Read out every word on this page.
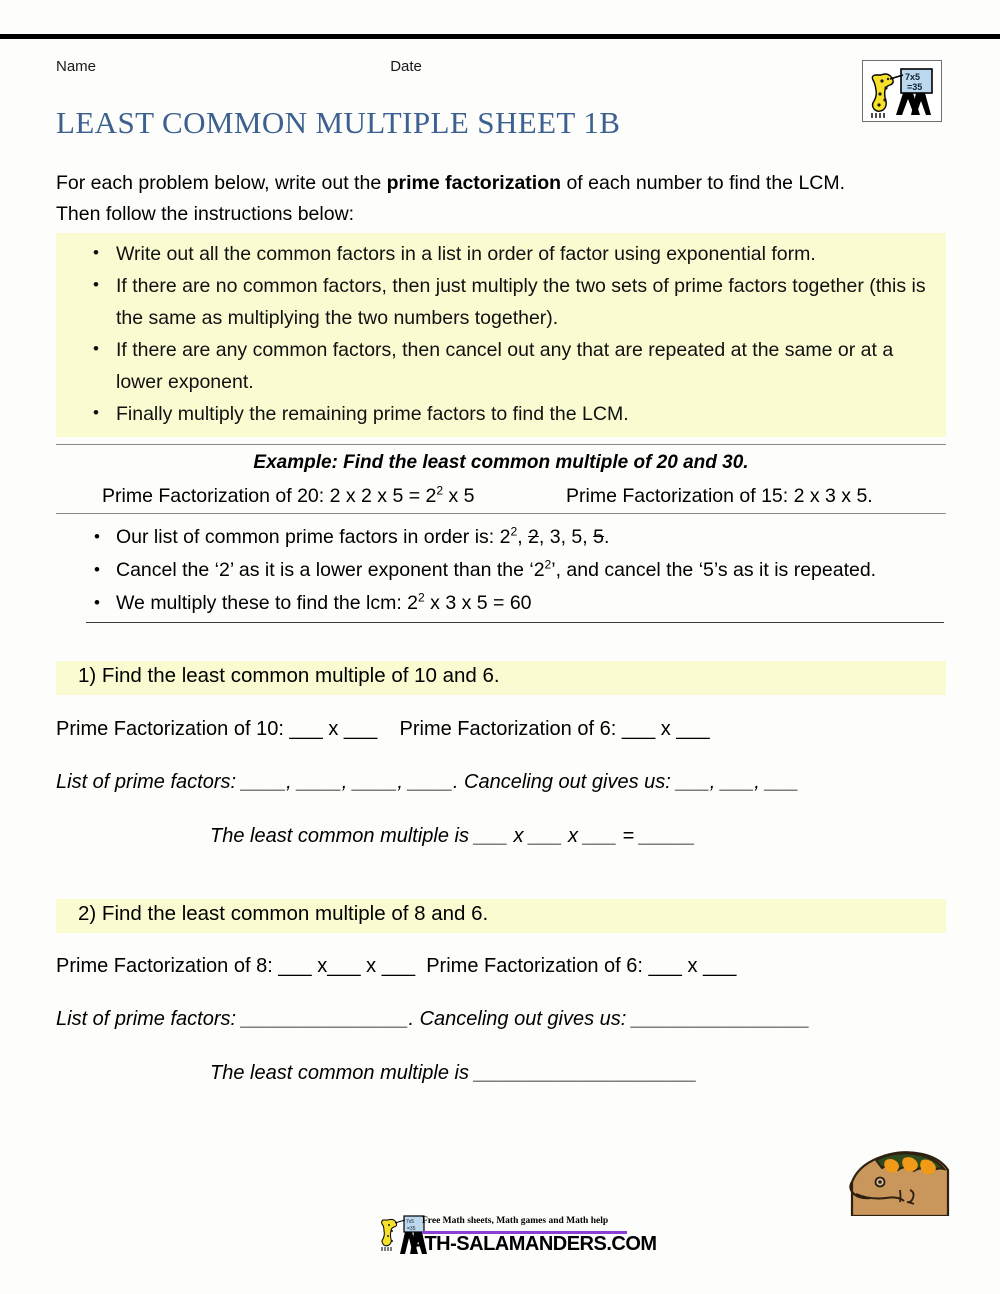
Name	Date
7x5
=35
LEAST COMMON MULTIPLE SHEET 1B
For each problem below, write out the prime factorization of each number to find the LCM.
Then follow the instructions below:
• Write out all the common factors in a list in order of factor using exponential form.
• If there are no common factors, then just multiply the two sets of prime factors together (this is the same as multiplying the two numbers together).
• If there are any common factors, then cancel out any that are repeated at the same or at a lower exponent.
• Finally multiply the remaining prime factors to find the LCM.
Example: Find the least common multiple of 20 and 30.
Prime Factorization of 20: 2 x 2 x $5 = 2^2$ x 5	Prime Factorization of 15: 2 x 3 x 5.
• Our list of common prime factors in order is: $2^2$, 2, 3, 5, 5.
• Cancel the ‘2’ as it is a lower exponent than the ‘$2^2$’, and cancel the ‘5’s as it is repeated.
• We multiply these to find the lcm: $2^2$ x 3 x 5 = 60
1) Find the least common multiple of 10 and 6.
Prime Factorization of 10: ___ x ___ Prime Factorization of 6: ___ x ___
List of prime factors: ____, ____, ____, ____. Canceling out gives us: ___, ___, ___
The least common multiple is ___ x ___ x ___ = _____
2) Find the least common multiple of 8 and 6.
Prime Factorization of 8: ___ x___ x ___ Prime Factorization of 6: ___ x ___
List of prime factors: _______________. Canceling out gives us: ________________
The least common multiple is ____________________
7x5
=35
Free Math sheets, Math games and Math help
ATH-SALAMANDERS.COM
